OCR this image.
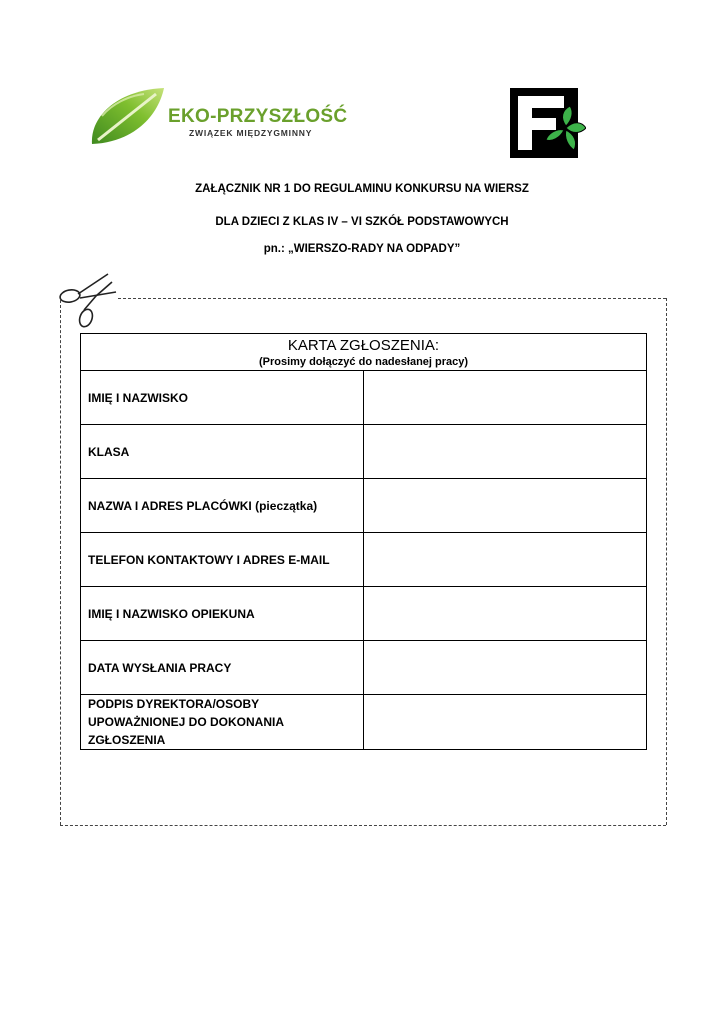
EKO-PRZYSZŁOŚĆ
ZWIĄZEK MIĘDZYGMINNY
ZAŁĄCZNIK NR 1 DO REGULAMINU KONKURSU NA WIERSZ
DLA DZIECI Z KLAS IV – VI SZKÓŁ PODSTAWOWYCH
pn.: „WIERSZO-RADY NA ODPADY”
KARTA ZGŁOSZENIA:
(Prosimy dołączyć do nadesłanej pracy)	

IMIĘ I NAZWISKO	
KLASA	
NAZWA I ADRES PLACÓWKI (pieczątka)	
TELEFON KONTAKTOWY I ADRES E-MAIL	
IMIĘ I NAZWISKO OPIEKUNA	
DATA WYSŁANIA PRACY	
PODPIS DYREKTORA/OSOBY UPOWAŻNIONEJ DO DOKONANIA ZGŁOSZENIA	
